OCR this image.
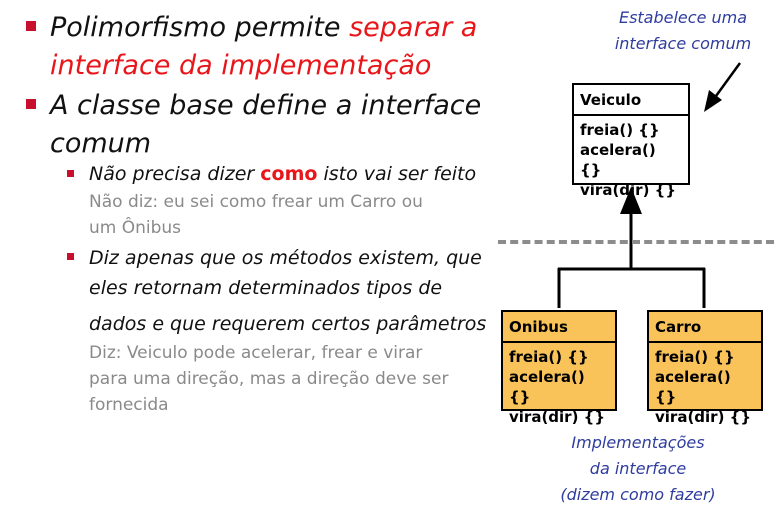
Polimorfismo permite separar a
interface da implementação
A classe base define a interface
comum
Não precisa dizer como isto vai ser feito
Não diz: eu sei como frear um Carro ou
um Ônibus
Diz apenas que os métodos existem, que
eles retornam determinados tipos de
dados e que requerem certos parâmetros
Diz: Veiculo pode acelerar, frear e virar
para uma direção, mas a direção deve ser
fornecida
Estabelece uma
interface comum
Veiculo
freia() {}
acelera() {}
vira(dir) {}
Onibus
freia() {}
acelera() {}
vira(dir) {}
Carro
freia() {}
acelera() {}
vira(dir) {}
Implementações
da interface
(dizem como fazer)
